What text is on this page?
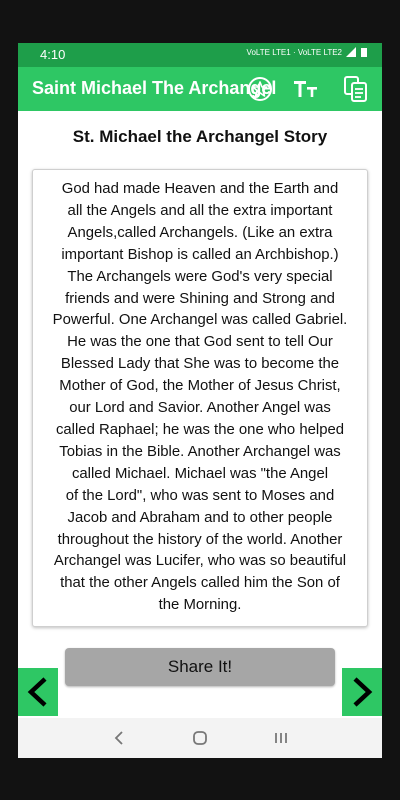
4:10	VoLTE LTE1 · VoLTE LTE2
Saint Michael The Archangel
St. Michael the Archangel Story
God had made Heaven and the Earth and
all the Angels and all the extra important
Angels,called Archangels. (Like an extra
important Bishop is called an Archbishop.)
The Archangels were God's very special
friends and were Shining and Strong and
Powerful. One Archangel was called Gabriel.
He was the one that God sent to tell Our
Blessed Lady that She was to become the
Mother of God, the Mother of Jesus Christ,
our Lord and Savior. Another Angel was
called Raphael; he was the one who helped
Tobias in the Bible. Another Archangel was
called Michael. Michael was "the Angel
of the Lord", who was sent to Moses and
Jacob and Abraham and to other people
throughout the history of the world. Another
Archangel was Lucifer, who was so beautiful
that the other Angels called him the Son of
the Morning.
Share It!
